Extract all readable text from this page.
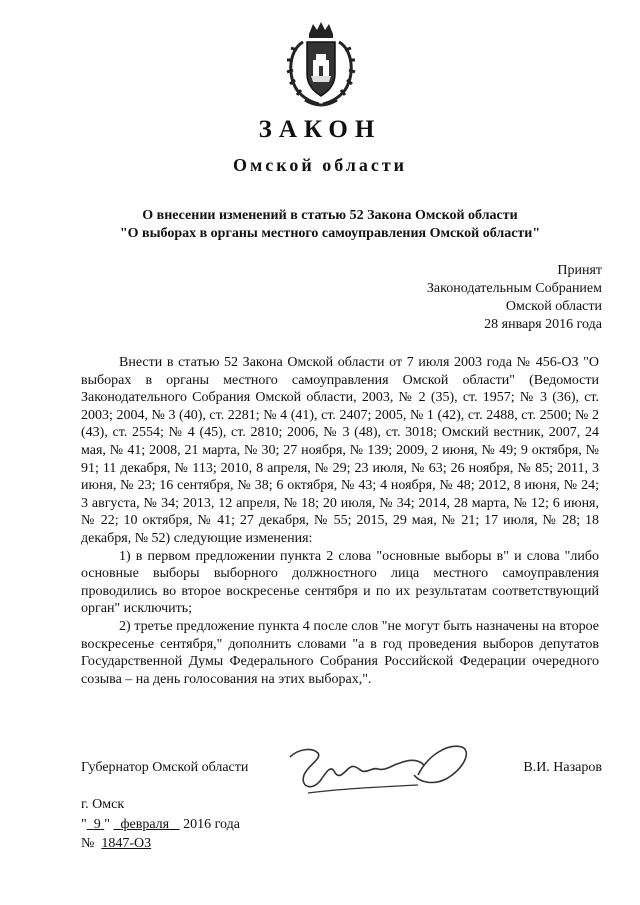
ЗАКОН
Омской области
О внесении изменений в статью 52 Закона Омской области
"О выборах в органы местного самоуправления Омской области"
Принят
Законодательным Собранием
Омской области
28 января 2016 года

Внести в статью 52 Закона Омской области от 7 июля 2003 года № 456-ОЗ "О выборах в органы местного самоуправления Омской области" (Ведомости Законодательного Собрания Омской области, 2003, № 2 (35), ст. 1957; № 3 (36), ст. 2003; 2004, № 3 (40), ст. 2281; № 4 (41), ст. 2407; 2005, № 1 (42), ст. 2488, ст. 2500; № 2 (43), ст. 2554; № 4 (45), ст. 2810; 2006, № 3 (48), ст. 3018; Омский вестник, 2007, 24 мая, № 41; 2008, 21 марта, № 30; 27 ноября, № 139; 2009, 2 июня, № 49; 9 октября, № 91; 11 декабря, № 113; 2010, 8 апреля, № 29; 23 июля, № 63; 26 ноября, № 85; 2011, 3 июня, № 23; 16 сентября, № 38; 6 октября, № 43; 4 ноября, № 48; 2012, 8 июня, № 24; 3 августа, № 34; 2013, 12 апреля, № 18; 20 июля, № 34; 2014, 28 марта, № 12; 6 июня, № 22; 10 октября, № 41; 27 декабря, № 55; 2015, 29 мая, № 21; 17 июля, № 28; 18 декабря, № 52) следующие изменения:

1) в первом предложении пункта 2 слова "основные выборы в" и слова "либо основные выборы выборного должностного лица местного самоуправления проводились во второе воскресенье сентября и по их результатам соответствующий орган" исключить;

2) третье предложение пункта 4 после слов "не могут быть назначены на второе воскресенье сентября," дополнить словами "а в год проведения выборов депутатов Государственной Думы Федерального Собрания Российской Федерации очередного созыва – на день голосования на этих выборах,".

Губернатор Омской области	В.И. Назаров
г. Омск
" 9 " февраля 2016 года
№ 1847-ОЗ
